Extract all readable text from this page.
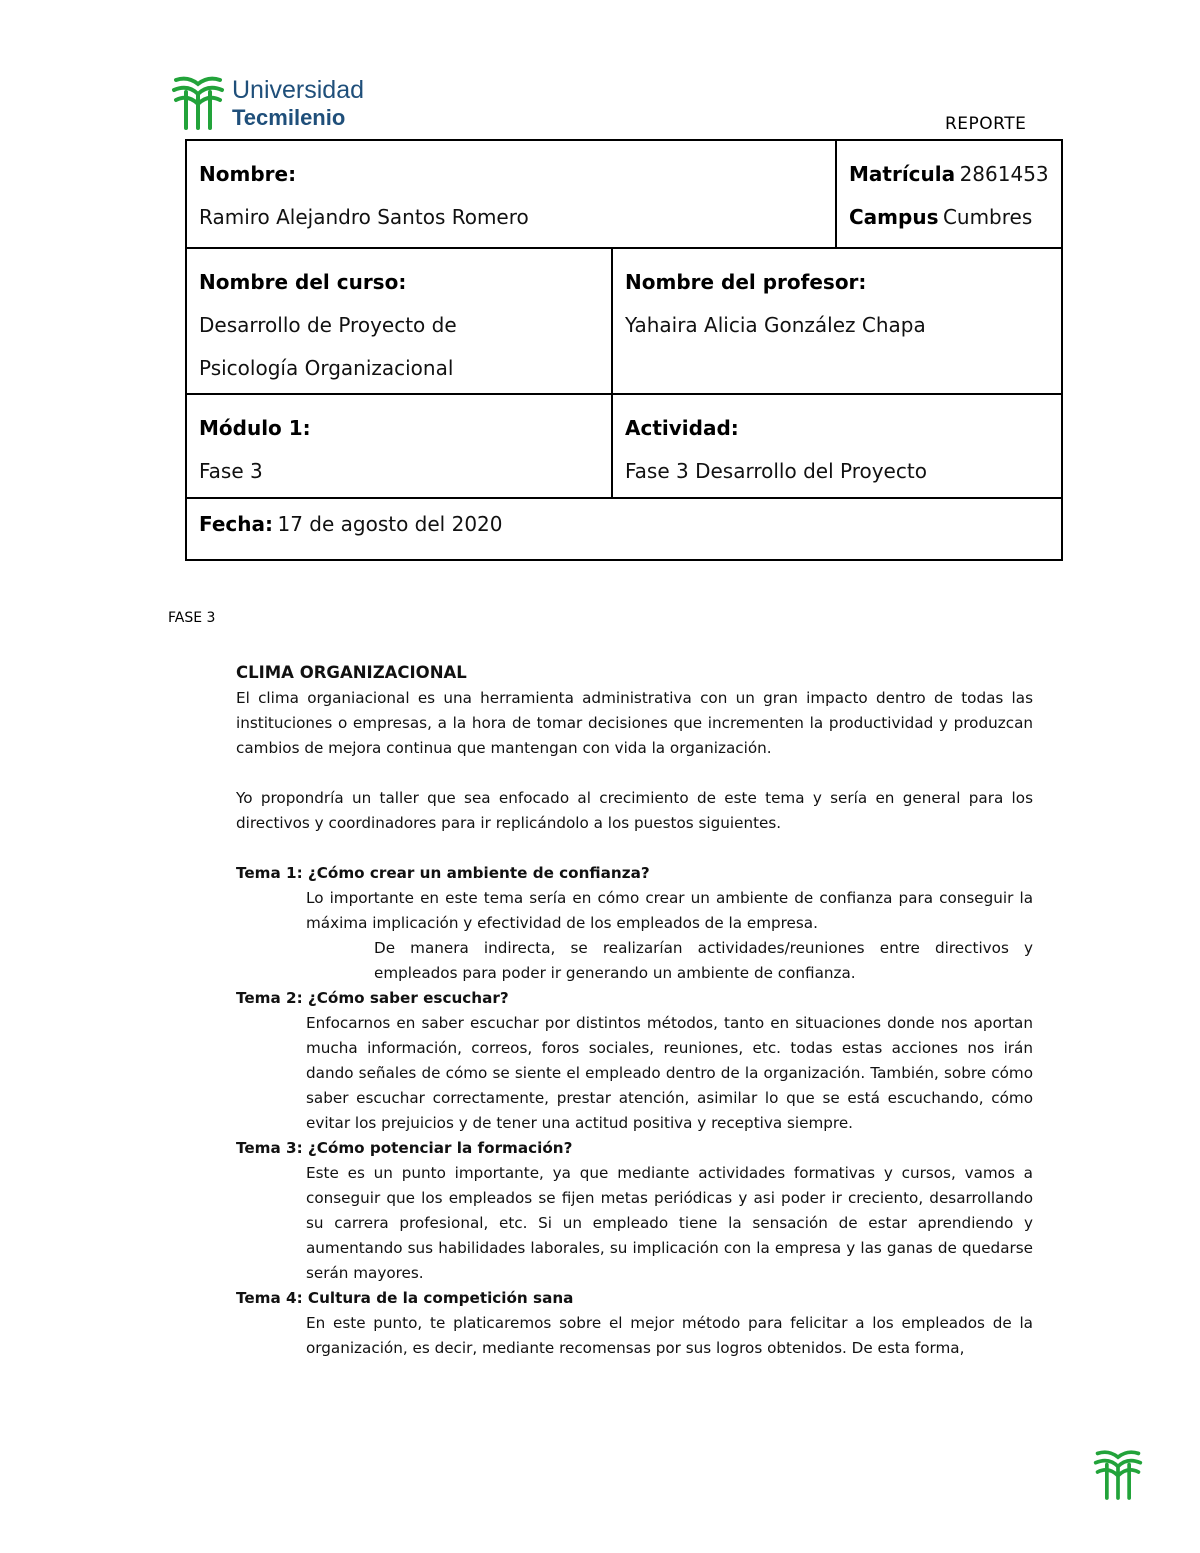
Universidad
Tecmilenio	REPORTE
Nombre:
Ramiro Alejandro Santos Romero
Matrícula 2861453
Campus Cumbres
Nombre del curso:
Desarrollo de Proyecto de
Psicología Organizacional
Nombre del profesor:
Yahaira Alicia González Chapa
Módulo 1:
Fase 3
Actividad:
Fase 3 Desarrollo del Proyecto
Fecha: 17 de agosto del 2020
FASE 3
CLIMA ORGANIZACIONAL

El clima organiacional es una herramienta administrativa con un gran impacto dentro de todas las instituciones o empresas, a la hora de tomar decisiones que incrementen la productividad y produzcan cambios de mejora continua que mantengan con vida la organización.

Yo propondría un taller que sea enfocado al crecimiento de este tema y sería en general para los directivos y coordinadores para ir replicándolo a los puestos siguientes.

Tema 1: ¿Cómo crear un ambiente de confianza?

Lo importante en este tema sería en cómo crear un ambiente de confianza para conseguir la máxima implicación y efectividad de los empleados de la empresa.

De manera indirecta, se realizarían actividades/reuniones entre directivos y empleados para poder ir generando un ambiente de confianza.

Tema 2: ¿Cómo saber escuchar?

Enfocarnos en saber escuchar por distintos métodos, tanto en situaciones donde nos aportan mucha información, correos, foros sociales, reuniones, etc. todas estas acciones nos irán dando señales de cómo se siente el empleado dentro de la organización. También, sobre cómo saber escuchar correctamente, prestar atención, asimilar lo que se está escuchando, cómo evitar los prejuicios y de tener una actitud positiva y receptiva siempre.

Tema 3: ¿Cómo potenciar la formación?

Este es un punto importante, ya que mediante actividades formativas y cursos, vamos a conseguir que los empleados se fijen metas periódicas y asi poder ir creciento, desarrollando su carrera profesional, etc. Si un empleado tiene la sensación de estar aprendiendo y aumentando sus habilidades laborales, su implicación con la empresa y las ganas de quedarse serán mayores.

Tema 4: Cultura de la competición sana

En este punto, te platicaremos sobre el mejor método para felicitar a los empleados de la organización, es decir, mediante recomensas por sus logros obtenidos. De esta forma,
